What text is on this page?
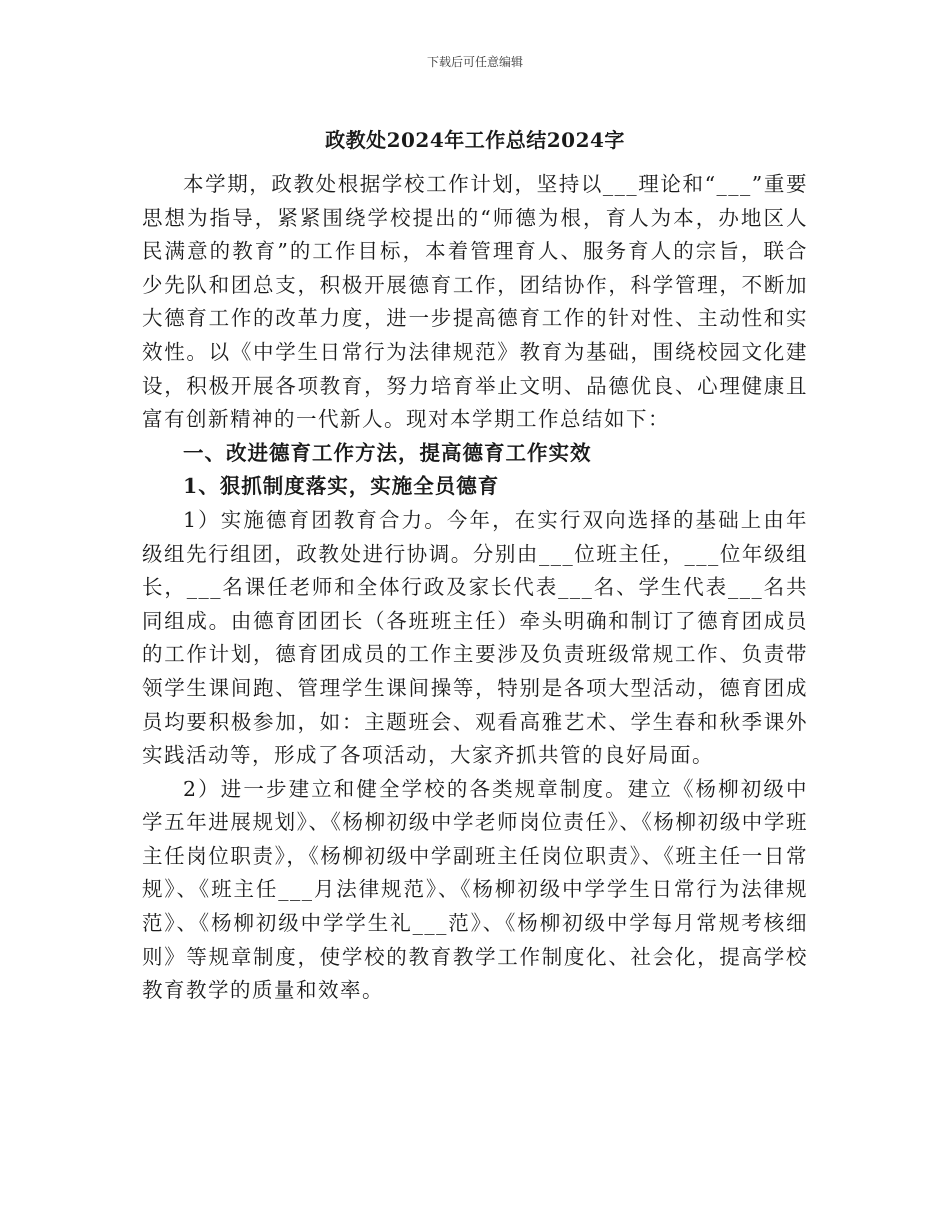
下载后可任意编辑
政教处2024年工作总结2024字

本学期，政教处根据学校工作计划，坚持以___理论和“___”重要思想为指导，紧紧围绕学校提出的“师德为根，育人为本，办地区人民满意的教育”的工作目标，本着管理育人、服务育人的宗旨，联合少先队和团总支，积极开展德育工作，团结协作，科学管理，不断加大德育工作的改革力度，进一步提高德育工作的针对性、主动性和实效性。以《中学生日常行为法律规范》教育为基础，围绕校园文化建设，积极开展各项教育，努力培育举止文明、品德优良、心理健康且富有创新精神的一代新人。现对本学期工作总结如下：

一、改进德育工作方法，提高德育工作实效

1、狠抓制度落实，实施全员德育

1）实施德育团教育合力。今年，在实行双向选择的基础上由年级组先行组团，政教处进行协调。分别由___位班主任，___位年级组长，___名课任老师和全体行政及家长代表___名、学生代表___名共同组成。由德育团团长（各班班主任）牵头明确和制订了德育团成员的工作计划，德育团成员的工作主要涉及负责班级常规工作、负责带领学生课间跑、管理学生课间操等，特别是各项大型活动，德育团成员均要积极参加，如：主题班会、观看高雅艺术、学生春和秋季课外实践活动等，形成了各项活动，大家齐抓共管的良好局面。

2）进一步建立和健全学校的各类规章制度。建立《杨柳初级中学五年进展规划》、《杨柳初级中学老师岗位责任》、《杨柳初级中学班主任岗位职责》，《杨柳初级中学副班主任岗位职责》、《班主任一日常规》、《班主任___月法律规范》、《杨柳初级中学学生日常行为法律规范》、《杨柳初级中学学生礼___范》、《杨柳初级中学每月常规考核细则》等规章制度，使学校的教育教学工作制度化、社会化，提高学校教育教学的质量和效率。
